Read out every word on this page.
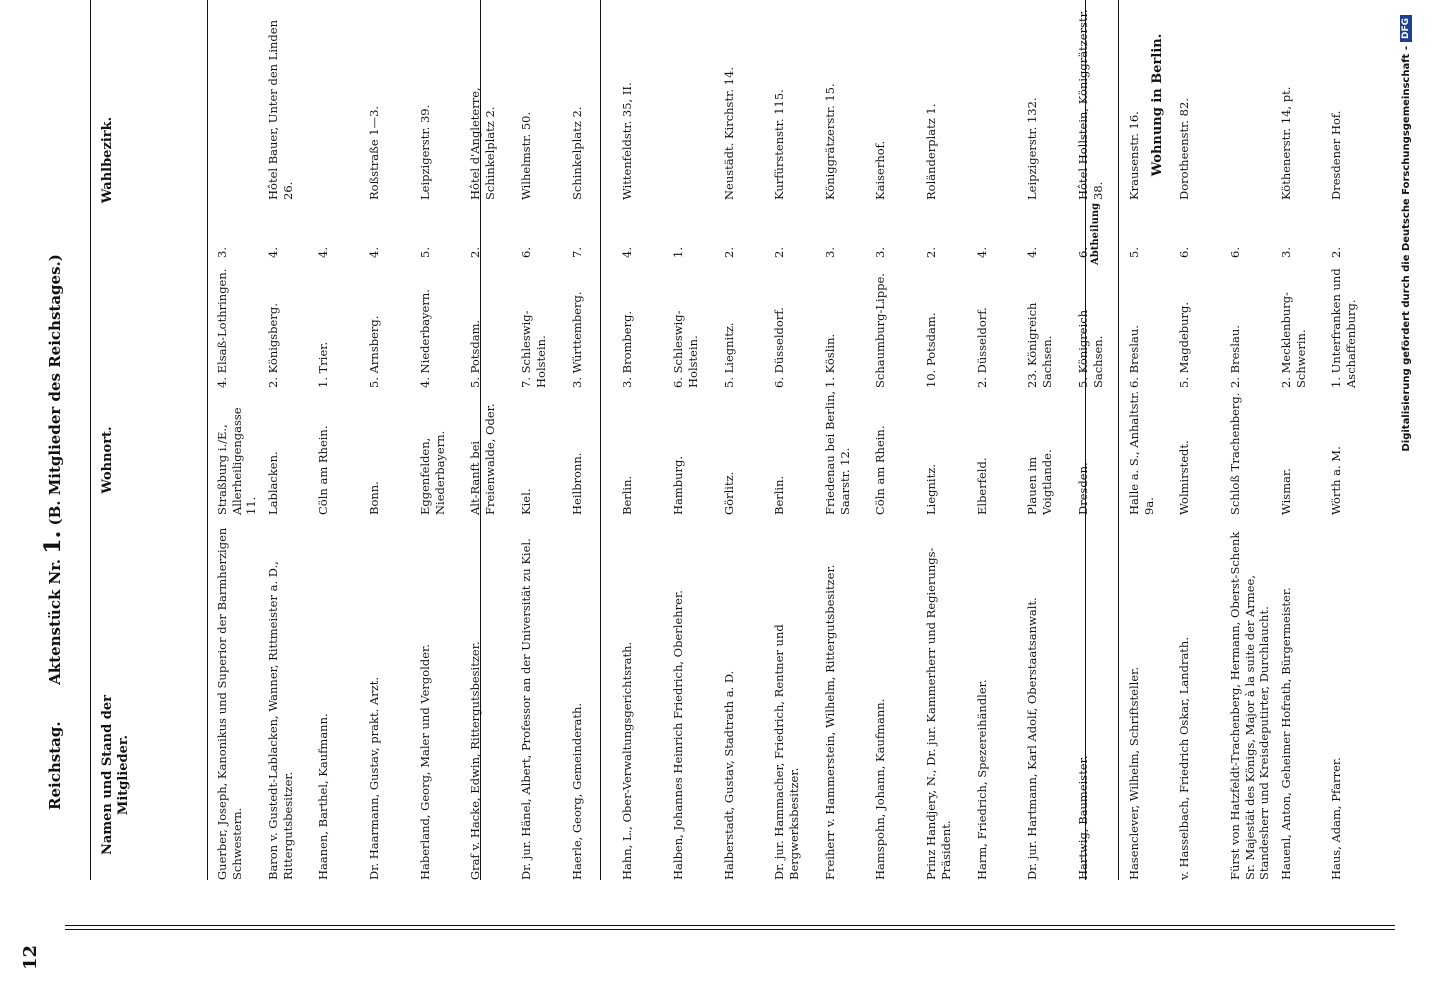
12
Reichstag.       Aktenstück Nr. 1. (B. Mitglieder des Reichstages.)
Namen und Stand der Mitglieder.
Wohnort.
Wahlbezirk.
Abtheilung
Wohnung in Berlin.
Guerber, Joseph, Kanonikus und Superior der Barmherzigen Schwestern.
Straßburg i./E., Allerheiligengasse 11.
4. Elsaß-Lothringen.
3.
Baron v. Gustedt-Lablacken, Wanner, Rittmeister a. D., Rittergutsbesitzer.
Lablacken.
2. Königsberg.
4.
Hôtel Bauer, Unter den Linden 26.
Haanen, Barthel, Kaufmann.
Cöln am Rhein.
1. Trier.
4.
Dr. Haarmann, Gustav, prakt. Arzt.
Bonn.
5. Arnsberg.
4.
Roßstraße 1—3.
Haberland, Georg, Maler und Vergolder.
Eggenfelden, Niederbayern.
4. Niederbayern.
5.
Leipzigerstr. 39.
Graf v. Hacke, Edwin, Rittergutsbesitzer.
Alt-Ranft bei Freienwalde, Oder.
5. Potsdam.
2.
Hôtel d'Angleterre, Schinkelplatz 2.
Dr. jur. Hänel, Albert, Professor an der Universität zu Kiel.
Kiel.
7. Schleswig-Holstein.
6.
Wilhelmstr. 50.
Haerle, Georg, Gemeinderath.
Heilbronn.
3. Württemberg.
7.
Schinkelplatz 2.
Hahn, L., Ober-Verwaltungsgerichtsrath.
Berlin.
3. Bromberg.
4.
Wittenfeldstr. 35, II.
Halben, Johannes Heinrich Friedrich, Oberlehrer.
Hamburg.
6. Schleswig-Holstein.
1.
Halberstadt, Gustav, Stadtrath a. D.
Görlitz.
5. Liegnitz.
2.
Neustädt. Kirchstr. 14.
Dr. jur. Hammacher, Friedrich, Rentner und Bergwerksbesitzer.
Berlin.
6. Düsseldorf.
2.
Kurfürstenstr. 115.
Freiherr v. Hammerstein, Wilhelm, Rittergutsbesitzer.
Friedenau bei Berlin, Saarstr. 12.
1. Köslin.
3.
Königgrätzerstr. 15.
Hamspohn, Johann, Kaufmann.
Cöln am Rhein.
Schaumburg-Lippe.
3.
Kaiserhof.
Prinz Handjery, N., Dr. jur. Kammerherr und Regierungs-Präsident.
Liegnitz.
10. Potsdam.
2.
Roländerplatz 1.
Harm, Friedrich, Spezereihändler.
Elberfeld.
2. Düsseldorf.
4.
Dr. jur. Hartmann, Karl Adolf, Oberstaatsanwalt.
Plauen im Voigtlande.
23. Königreich Sachsen.
4.
Leipzigerstr. 132.
Hartwig, Baumeister.
Dresden.
5. Königreich Sachsen.
6.
Hôtel Hollstein, Königgrätzerstr. 38.
Hasenclever, Wilhelm, Schriftsteller.
Halle a. S., Anhaltstr. 9a.
6. Breslau.
5.
Krausenstr. 16.
v. Hasselbach, Friedrich Oskar, Landrath.
Wolmirstedt.
5. Magdeburg.
6.
Dorotheenstr. 82.
Fürst von Hatzfeldt-Trachenberg, Hermann, Oberst-Schenk Sr. Majestät des Königs, Major à la suite der Armee, Standesherr und Kreisdeputirter, Durchlaucht.
Schloß Trachenberg.
2. Breslau.
6.
Hauenl, Anton, Geheimer Hofrath, Bürgermeister.
Wismar.
2. Mecklenburg-Schwerin.
3.
Köthenerstr. 14, pt.
Haus, Adam, Pfarrer.
Wörth a. M.
1. Unterfranken und Aschaffenburg.
2.
Dresdener Hof.	Digitalisierung gefördert durch die Deutsche Forschungsgemeinschaft -
DFG
